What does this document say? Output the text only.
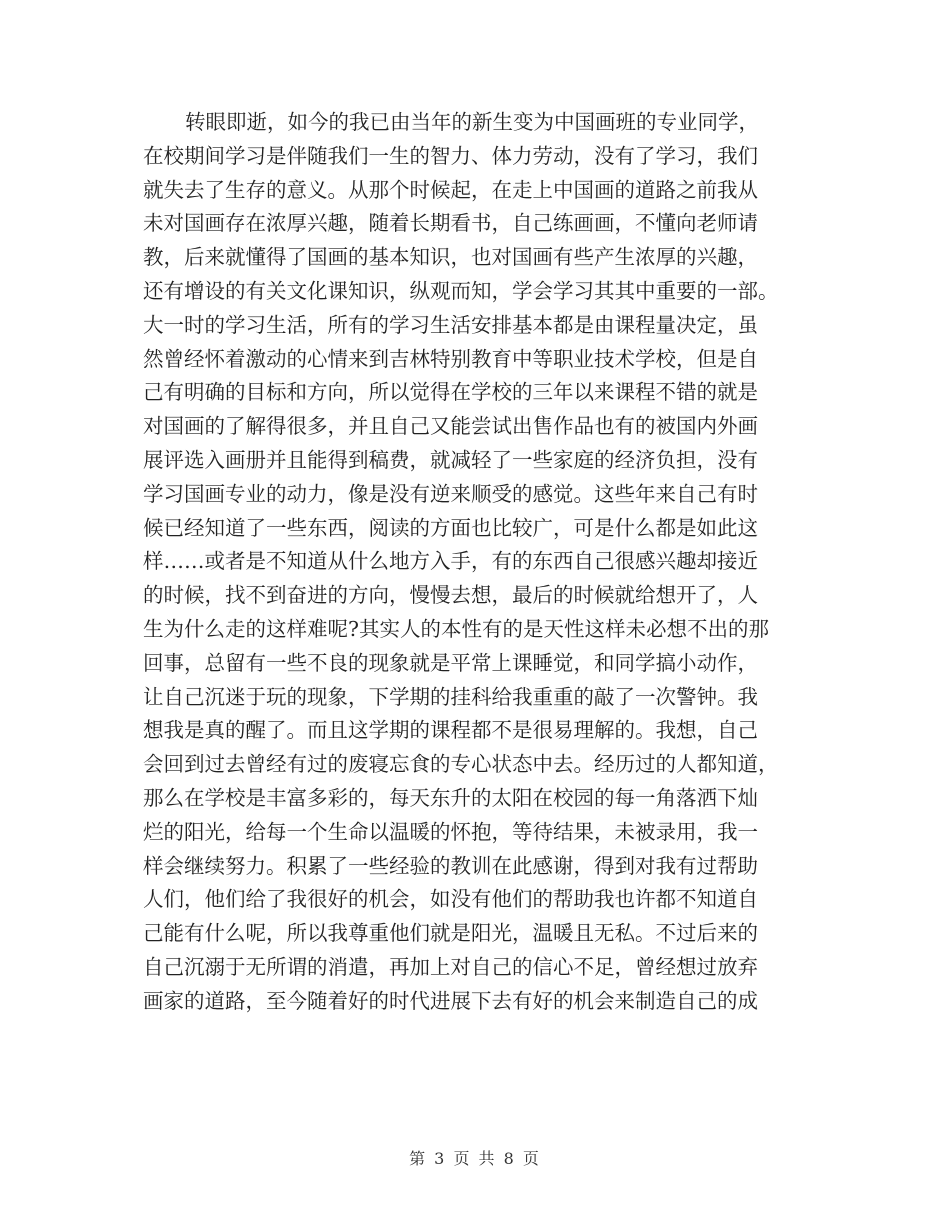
转眼即逝，如今的我已由当年的新生变为中国画班的专业同学，
在校期间学习是伴随我们一生的智力、体力劳动，没有了学习，我们
就失去了生存的意义。从那个时候起，在走上中国画的道路之前我从
未对国画存在浓厚兴趣，随着长期看书，自己练画画，不懂向老师请
教，后来就懂得了国画的基本知识，也对国画有些产生浓厚的兴趣，
还有增设的有关文化课知识，纵观而知，学会学习其其中重要的一部。
大一时的学习生活，所有的学习生活安排基本都是由课程量决定，虽
然曾经怀着激动的心情来到吉林特别教育中等职业技术学校，但是自
己有明确的目标和方向，所以觉得在学校的三年以来课程不错的就是
对国画的了解得很多，并且自己又能尝试出售作品也有的被国内外画
展评选入画册并且能得到稿费，就减轻了一些家庭的经济负担，没有
学习国画专业的动力，像是没有逆来顺受的感觉。这些年来自己有时
候已经知道了一些东西，阅读的方面也比较广，可是什么都是如此这
样……或者是不知道从什么地方入手，有的东西自己很感兴趣却接近
的时候，找不到奋进的方向，慢慢去想，最后的时候就给想开了，人
生为什么走的这样难呢?其实人的本性有的是天性这样未必想不出的那
回事，总留有一些不良的现象就是平常上课睡觉，和同学搞小动作，
让自己沉迷于玩的现象，下学期的挂科给我重重的敲了一次警钟。我
想我是真的醒了。而且这学期的课程都不是很易理解的。我想，自己
会回到过去曾经有过的废寝忘食的专心状态中去。经历过的人都知道，
那么在学校是丰富多彩的，每天东升的太阳在校园的每一角落洒下灿
烂的阳光，给每一个生命以温暖的怀抱，等待结果，未被录用，我一
样会继续努力。积累了一些经验的教训在此感谢，得到对我有过帮助
人们，他们给了我很好的机会，如没有他们的帮助我也许都不知道自
己能有什么呢，所以我尊重他们就是阳光，温暖且无私。不过后来的
自己沉溺于无所谓的消遣，再加上对自己的信心不足，曾经想过放弃
画家的道路，至今随着好的时代进展下去有好的机会来制造自己的成
第 3 页 共 8 页
